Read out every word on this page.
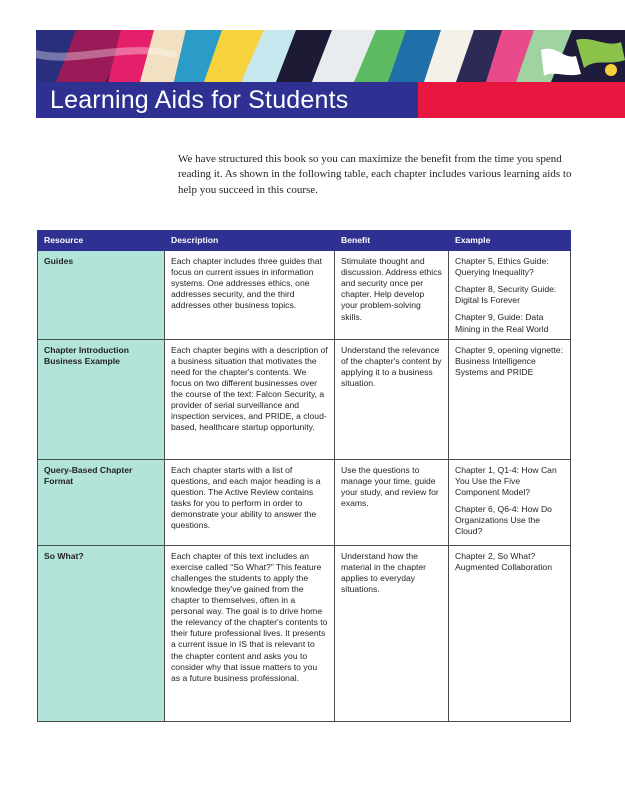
Learning Aids for Students

We have structured this book so you can maximize the benefit from the time you spend reading it. As shown in the following table, each chapter includes various learning aids to help you succeed in this course.

Resource	Description	Benefit	Example
Guides	Each chapter includes three guides that focus on current issues in information systems. One addresses ethics, one addresses security, and the third addresses other business topics.	Stimulate thought and discussion. Address ethics and security once per chapter. Help develop your problem-solving skills.	Chapter 5, Ethics Guide: Querying Inequality?

Chapter 8, Security Guide: Digital Is Forever

Chapter 9, Guide: Data Mining in the Real World

Chapter Introduction Business Example	Each chapter begins with a description of a business situation that motivates the need for the chapter's contents. We focus on two different businesses over the course of the text: Falcon Security, a provider of serial surveillance and inspection services, and PRIDE, a cloud-based, healthcare startup opportunity.	Understand the relevance of the chapter's content by applying it to a business situation.	Chapter 9, opening vignette: Business Intelligence Systems and PRIDE

Query-Based Chapter Format	Each chapter starts with a list of questions, and each major heading is a question. The Active Review contains tasks for you to perform in order to demonstrate your ability to answer the questions.	Use the questions to manage your time, guide your study, and review for exams.	Chapter 1, Q1-4: How Can You Use the Five Component Model?

Chapter 6, Q6-4: How Do Organizations Use the Cloud?

So What?	Each chapter of this text includes an exercise called “So What?” This feature challenges the students to apply the knowledge they've gained from the chapter to themselves, often in a personal way. The goal is to drive home the relevancy of the chapter's contents to their future professional lives. It presents a current issue in IS that is relevant to the chapter content and asks you to consider why that issue matters to you as a future business professional.	Understand how the material in the chapter applies to everyday situations.	Chapter 2, So What? Augmented Collaboration
